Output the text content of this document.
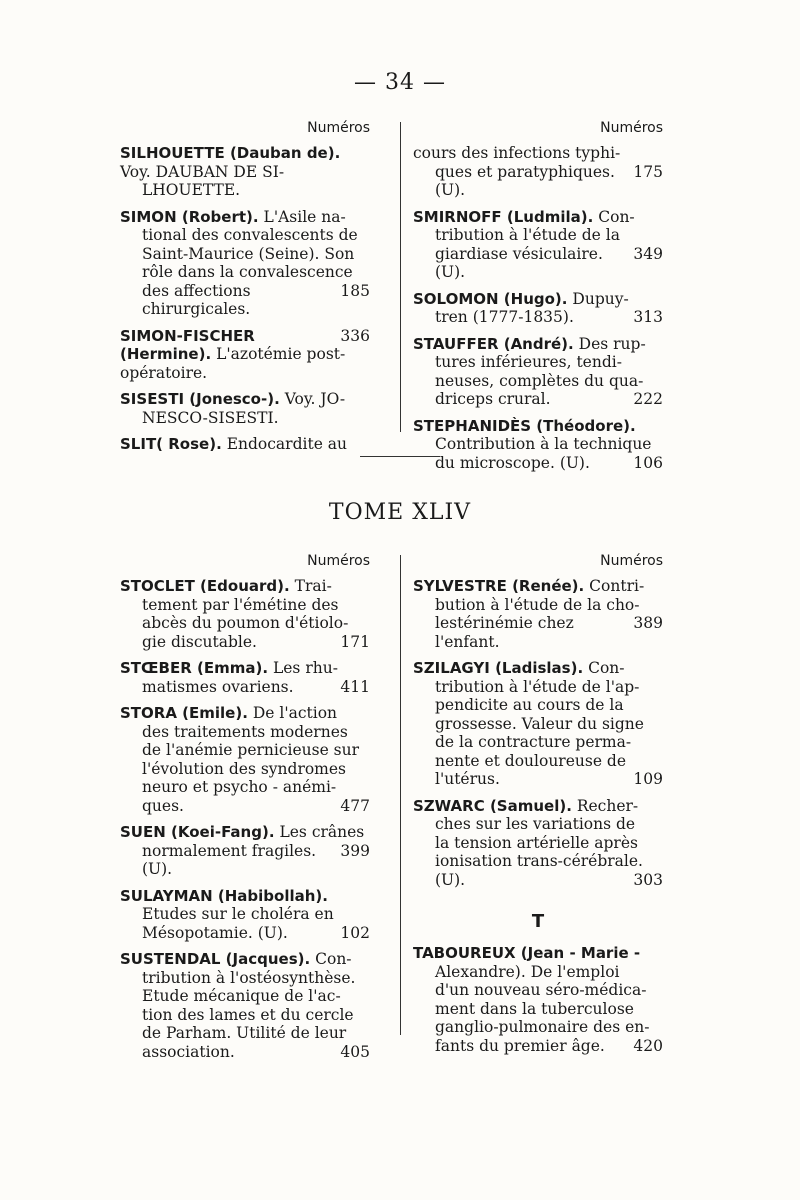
— 34 —
Numéros
SILHOUETTE (Dauban de). Voy. DAUBAN DE SI-
LHOUETTE.
SIMON (Robert). L'Asile na-
tional des convalescents de
Saint-Maurice (Seine). Son
rôle dans la convalescence
185
des affections chirurgicales.
336
SIMON-FISCHER (Hermine). L'azotémie post-opératoire.
SISESTI (Jonesco-). Voy. JO-
NESCO-SISESTI.
SLIT( Rose). Endocardite au
Numéros
cours des infections typhi-
175
ques et paratyphiques. (U).
SMIRNOFF (Ludmila). Con-
tribution à l'étude de la
349
giardiase vésiculaire. (U).
SOLOMON (Hugo). Dupuy-
313
tren (1777-1835).
STAUFFER (André). Des rup-
tures inférieures, tendi-
neuses, complètes du qua-
222
driceps crural.
STEPHANIDÈS (Théodore).
Contribution à la technique
106
du microscope. (U).
TOME XLIV
Numéros
STOCLET (Edouard). Trai-
tement par l'émétine des
abcès du poumon d'étiolo-
171
gie discutable.
STŒBER (Emma). Les rhu-
411
matismes ovariens.
STORA (Emile). De l'action
des traitements modernes
de l'anémie pernicieuse sur
l'évolution des syndromes
neuro et psycho - anémi-
477
ques.
SUEN (Koei-Fang). Les crânes
399
normalement fragiles. (U).
SULAYMAN (Habibollah).
Etudes sur le choléra en
102
Mésopotamie. (U).
SUSTENDAL (Jacques). Con-
tribution à l'ostéosynthèse.
Etude mécanique de l'ac-
tion des lames et du cercle
de Parham. Utilité de leur
405
association.
Numéros
SYLVESTRE (Renée). Contri-
bution à l'étude de la cho-
389
lestérinémie chez l'enfant.
SZILAGYI (Ladislas). Con-
tribution à l'étude de l'ap-
pendicite au cours de la
grossesse. Valeur du signe
de la contracture perma-
nente et douloureuse de
109
l'utérus.
SZWARC (Samuel). Recher-
ches sur les variations de
la tension artérielle après
ionisation trans-cérébrale.
303
(U).
T
TABOUREUX (Jean - Marie -
Alexandre). De l'emploi
d'un nouveau séro-médica-
ment dans la tuberculose
ganglio-pulmonaire des en-
420
fants du premier âge.
